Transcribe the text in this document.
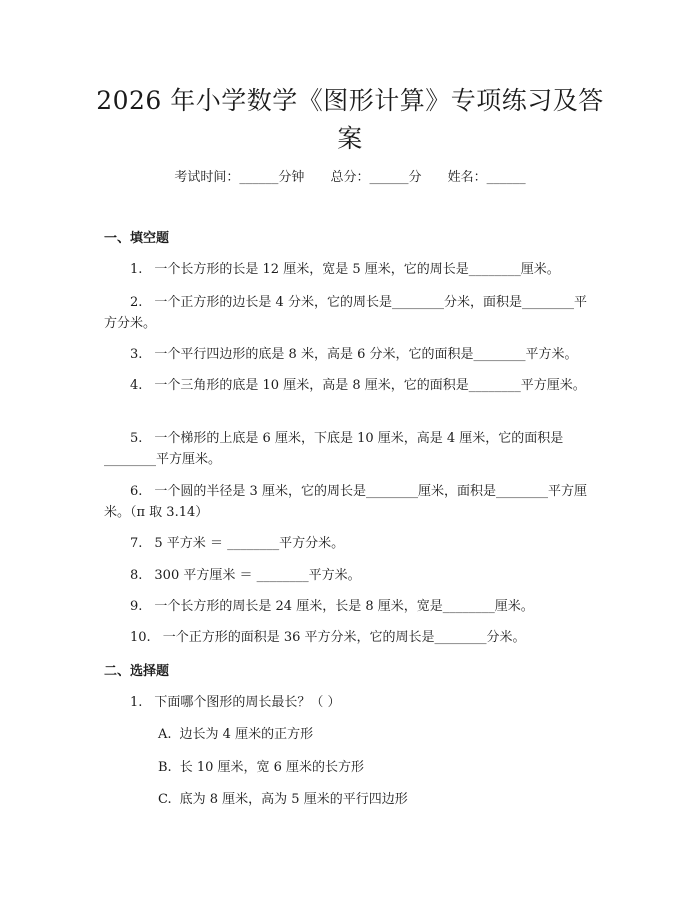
2026 年小学数学《图形计算》专项练习及答案
考试时间：______分钟 总分：______分 姓名：______
一、填空题
1. 一个长方形的长是 12 厘米，宽是 5 厘米，它的周长是________厘米。
2. 一个正方形的边长是 4 分米，它的周长是________分米，面积是________平方分米。
3. 一个平行四边形的底是 8 米，高是 6 分米，它的面积是________平方米。
4. 一个三角形的底是 10 厘米，高是 8 厘米，它的面积是________平方厘米。
5. 一个梯形的上底是 6 厘米，下底是 10 厘米，高是 4 厘米，它的面积是________平方厘米。
6. 一个圆的半径是 3 厘米，它的周长是________厘米，面积是________平方厘米。（π 取 3.14）
7. 5 平方米 ＝ ________平方分米。
8. 300 平方厘米 ＝ ________平方米。
9. 一个长方形的周长是 24 厘米，长是 8 厘米，宽是________厘米。
10. 一个正方形的面积是 36 平方分米，它的周长是________分米。
二、选择题
1. 下面哪个图形的周长最长？（ ）
A. 边长为 4 厘米的正方形
B. 长 10 厘米，宽 6 厘米的长方形
C. 底为 8 厘米，高为 5 厘米的平行四边形
